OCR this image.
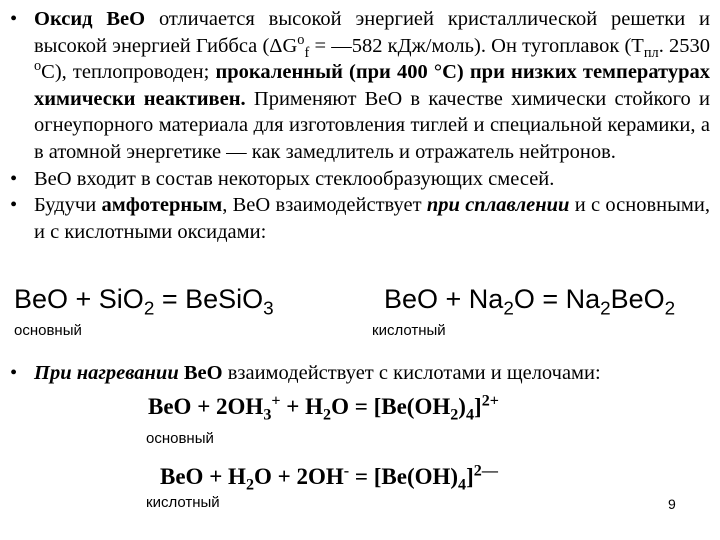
• Оксид ВеО отличается высокой энергией кристаллической решетки и высокой энергией Гиббса ($\Delta G^o_f$ = —582 кДж/моль). Он тугоплавок ($Т_{пл}$. 2530 $^o$С), теплопроводен; прокаленный (при 400 °С) при низких температурах химически неактивен. Применяют ВеО в качестве химически стойкого и огнеупорного материала для изготовления тиглей и специальной керамики, а в атомной энергетике — как замедлитель и отражатель нейтронов.
• ВеО входит в состав некоторых стеклообразующих смесей.
• Будучи амфотерным, ВеО взаимодействует при сплавлении и с основными, и с кислотными оксидами:
BeO + SiO$_2$ = BeSiO$_3$
основный
BeO + $Na_2O = Na_2BeO_2$
кислотный
• При нагревании ВеО взаимодействует с кислотами и щелочами:
BeO + $2OH_3^+ + H_2O = [Be(OH_2)_4]^{2+}$
основный
BeO + $H_2O + 2OH^- = [Be(OH)_4]^{2—}$
кислотный	9
